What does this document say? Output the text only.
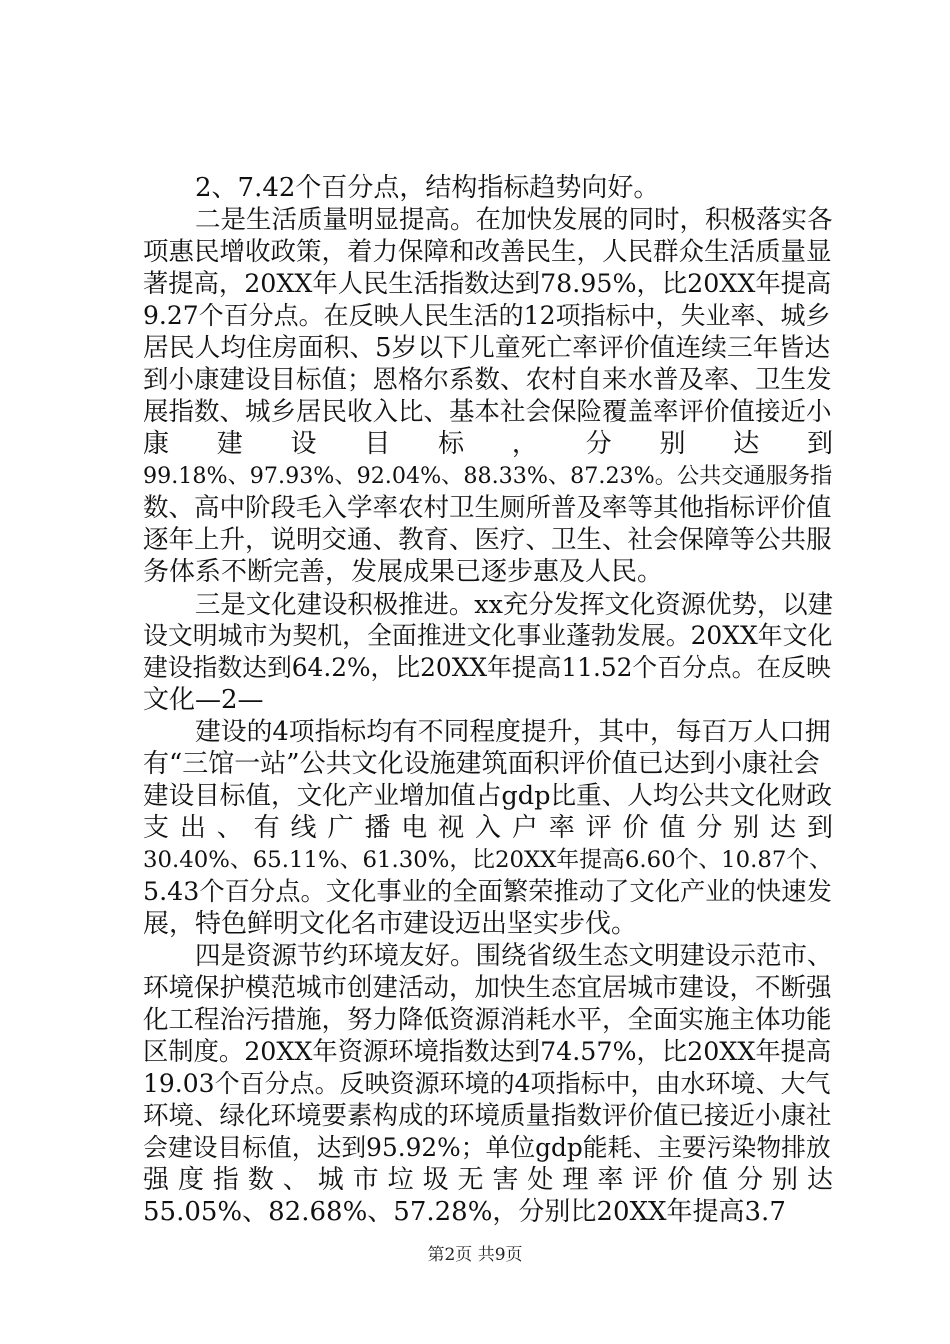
2、7.42个百分点，结构指标趋势向好。
二是生活质量明显提高。在加快发展的同时，积极落实各
项惠民增收政策，着力保障和改善民生，人民群众生活质量显
著提高，20XX年人民生活指数达到78.95%，比20XX年提高
9.27个百分点。在反映人民生活的12项指标中，失业率、城乡
居民人均住房面积、5岁以下儿童死亡率评价值连续三年皆达
到小康建设目标值；恩格尔系数、农村自来水普及率、卫生发
展指数、城乡居民收入比、基本社会保险覆盖率评价值接近小
康 建 设 目 标 ， 分 别 达 到
99.18%、97.93%、92.04%、88.33%、87.23%。公共交通服务指
数、高中阶段毛入学率农村卫生厕所普及率等其他指标评价值
逐年上升，说明交通、教育、医疗、卫生、社会保障等公共服
务体系不断完善，发展成果已逐步惠及人民。
三是文化建设积极推进。xx充分发挥文化资源优势，以建
设文明城市为契机，全面推进文化事业蓬勃发展。20XX年文化
建设指数达到64.2%，比20XX年提高11.52个百分点。在反映
文化—2—
建设的4项指标均有不同程度提升，其中，每百万人口拥
有“三馆一站”公共文化设施建筑面积评价值已达到小康社会
建设目标值，文化产业增加值占gdp比重、人均公共文化财政
支 出 、 有 线 广 播 电 视 入 户 率 评 价 值 分 别 达 到
30.40%、65.11%、61.30%，比20XX年提高6.60个、10.87个、
5.43个百分点。文化事业的全面繁荣推动了文化产业的快速发
展，特色鲜明文化名市建设迈出坚实步伐。
四是资源节约环境友好。围绕省级生态文明建设示范市、
环境保护模范城市创建活动，加快生态宜居城市建设，不断强
化工程治污措施，努力降低资源消耗水平，全面实施主体功能
区制度。20XX年资源环境指数达到74.57%，比20XX年提高
19.03个百分点。反映资源环境的4项指标中，由水环境、大气
环境、绿化环境要素构成的环境质量指数评价值已接近小康社
会建设目标值，达到95.92%；单位gdp能耗、主要污染物排放
强 度 指 数 、 城 市 垃 圾 无 害 处 理 率 评 价 值 分 别 达
55.05%、82.68%、57.28%，分别比20XX年提高3.7
第2页 共9页
